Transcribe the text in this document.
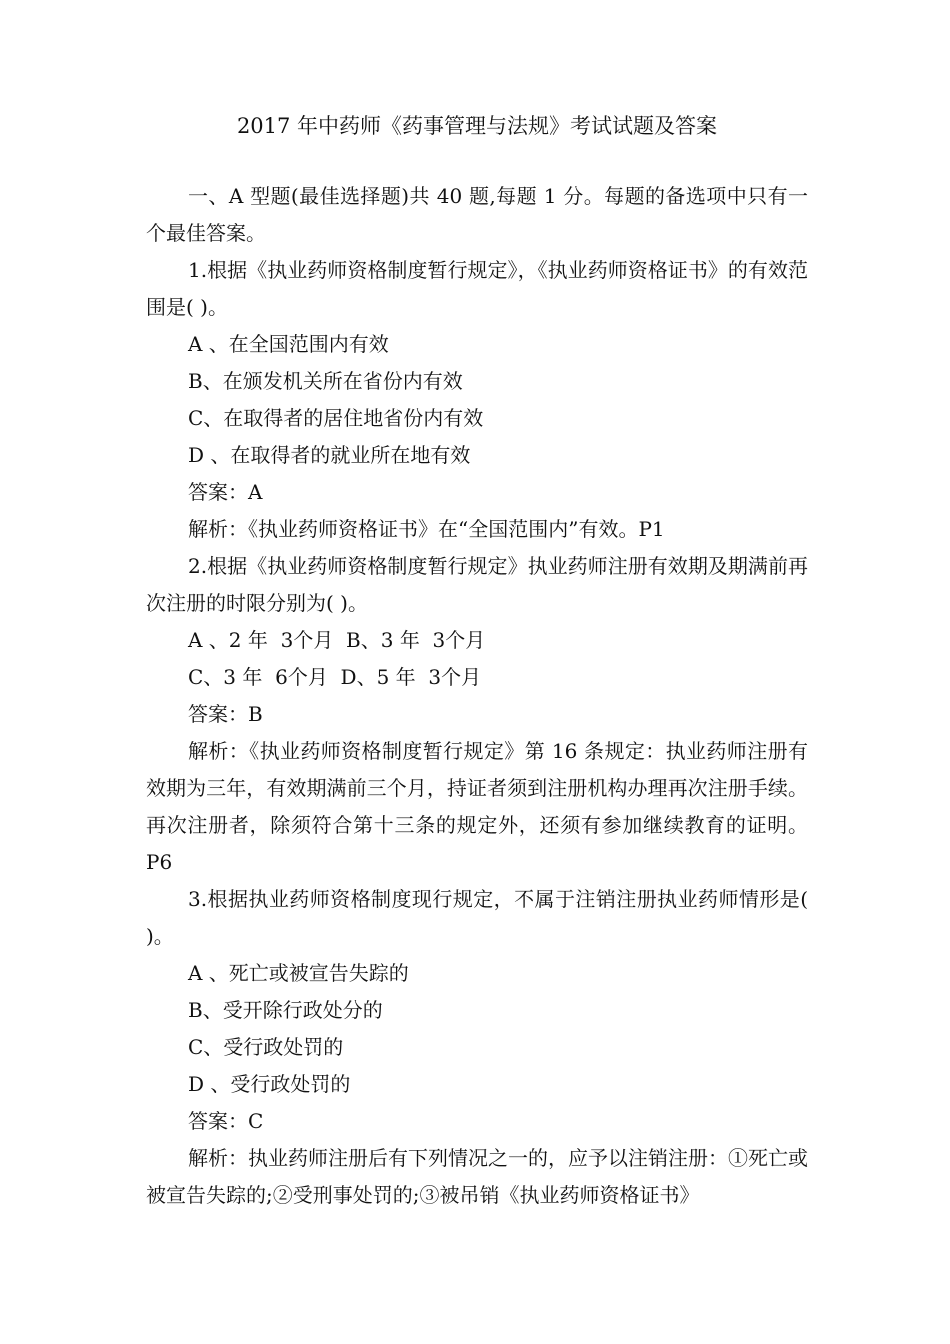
2017 年中药师《药事管理与法规》考试试题及答案

一、A 型题(最佳选择题)共 40 题,每题 1 分。每题的备选项中只有一个最佳答案。

1.根据《执业药师资格制度暂行规定》，《执业药师资格证书》的有效范围是( )。

A 、在全国范围内有效

B、在颁发机关所在省份内有效

C、在取得者的居住地省份内有效

D 、在取得者的就业所在地有效

答案：A

解析：《执业药师资格证书》在“全国范围内”有效。P1

2.根据《执业药师资格制度暂行规定》执业药师注册有效期及期满前再次注册的时限分别为( )。

A 、2 年  3个月  B、3 年  3个月

C、3 年  6个月  D、5 年  3个月

答案：B

解析：《执业药师资格制度暂行规定》第 16 条规定：执业药师注册有效期为三年，有效期满前三个月，持证者须到注册机构办理再次注册手续。再次注册者，除须符合第十三条的规定外，还须有参加继续教育的证明。P6

3.根据执业药师资格制度现行规定，不属于注销注册执业药师情形是( )。

A 、死亡或被宣告失踪的

B、受开除行政处分的

C、受行政处罚的

D 、受行政处罚的

答案：C

解析：执业药师注册后有下列情况之一的，应予以注销注册：①死亡或被宣告失踪的;②受刑事处罚的;③被吊销《执业药师资格证书》
